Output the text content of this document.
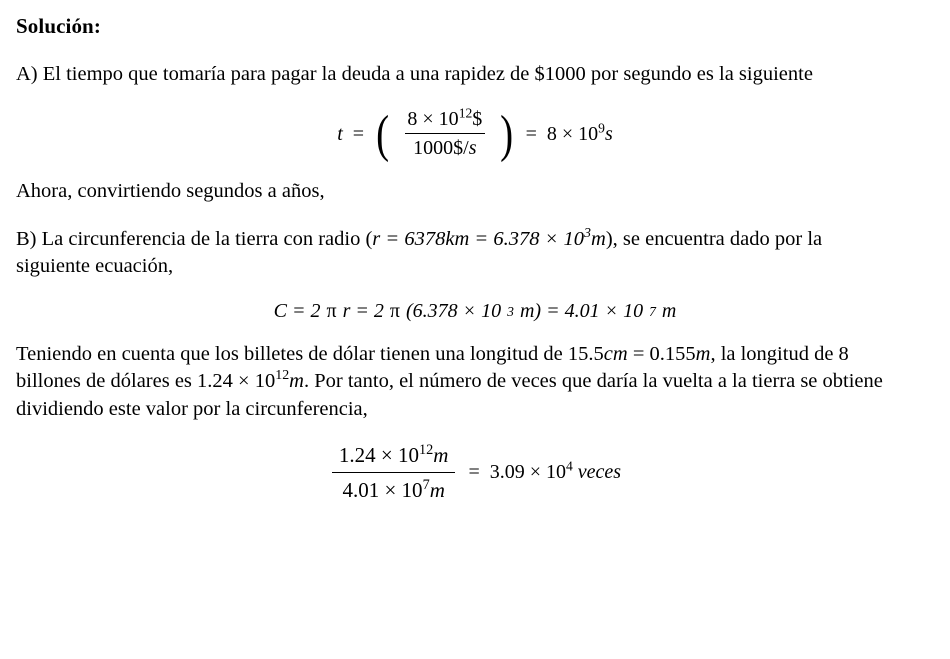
Solución:

A) El tiempo que tomaría para pagar la deuda a una rapidez de $1000 por segundo es la siguiente

t = ( $\frac{8 \times 10^{12}\$}{1000\$/s}$ ) = $8 \times 10^9s$

Ahora, convirtiendo segundos a años,

B) La circunferencia de la tierra con radio $(r = 6378km = 6.378 \times 10^3m)$, se encuentra dado por la siguiente ecuación,

C = 2 π r = 2 π (6.378 × 10 3 m) = 4.01 × 10 7 m

Teniendo en cuenta que los billetes de dólar tienen una longitud de 15.5cm = 0.155m, la longitud de 8 billones de dólares es $1.24 \times 10^{12}m$. Por tanto, el número de veces que daría la vuelta a la tierra se obtiene dividiendo este valor por la circunferencia,

$\frac{1.24 \times 10^{12}m}{4.01 \times 10^7m} = 3.09 \times 10^4$ veces
